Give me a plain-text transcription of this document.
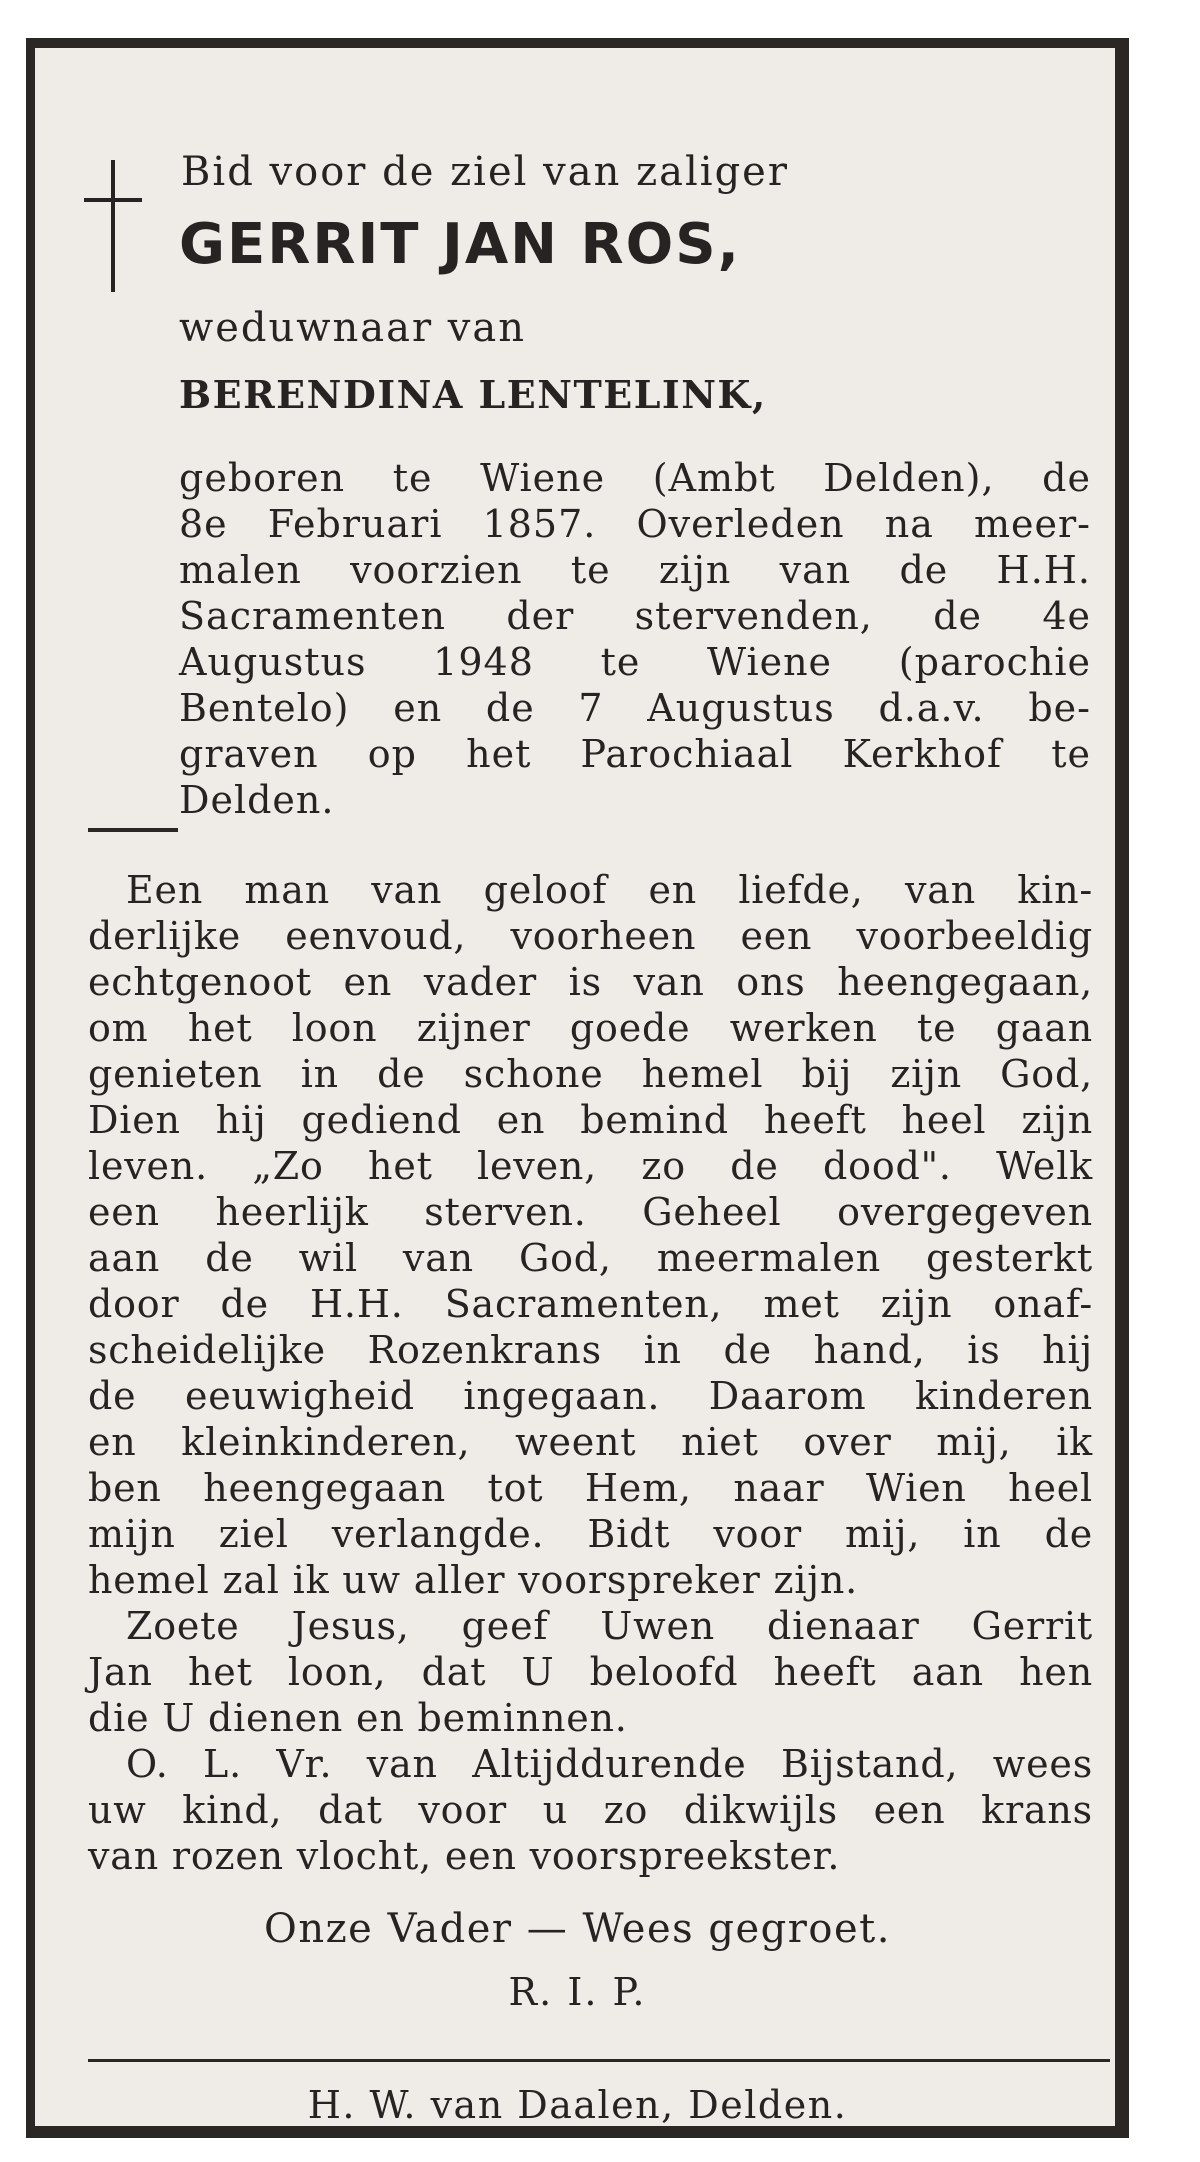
Bid voor de ziel van zaliger
GERRIT JAN ROS,
weduwnaar van
BERENDINA LENTELINK,
geboren te Wiene (Ambt Delden), de
8e Februari 1857. Overleden na meer-
malen voorzien te zijn van de H.H.
Sacramenten der stervenden, de 4e
Augustus 1948 te Wiene (parochie
Bentelo) en de 7 Augustus d.a.v. be-
graven op het Parochiaal Kerkhof te
Delden.
Een man van geloof en liefde, van kin-
derlijke eenvoud, voorheen een voorbeeldig
echtgenoot en vader is van ons heengegaan,
om het loon zijner goede werken te gaan
genieten in de schone hemel bij zijn God,
Dien hij gediend en bemind heeft heel zijn
leven. „Zo het leven, zo de dood". Welk
een heerlijk sterven. Geheel overgegeven
aan de wil van God, meermalen gesterkt
door de H.H. Sacramenten, met zijn onaf-
scheidelijke Rozenkrans in de hand, is hij
de eeuwigheid ingegaan. Daarom kinderen
en kleinkinderen, weent niet over mij, ik
ben heengegaan tot Hem, naar Wien heel
mijn ziel verlangde. Bidt voor mij, in de
hemel zal ik uw aller voorspreker zijn.
Zoete Jesus, geef Uwen dienaar Gerrit
Jan het loon, dat U beloofd heeft aan hen
die U dienen en beminnen.
O. L. Vr. van Altijddurende Bijstand, wees
uw kind, dat voor u zo dikwijls een krans
van rozen vlocht, een voorspreekster.
Onze Vader — Wees gegroet.
R. I. P.
H. W. van Daalen, Delden.
